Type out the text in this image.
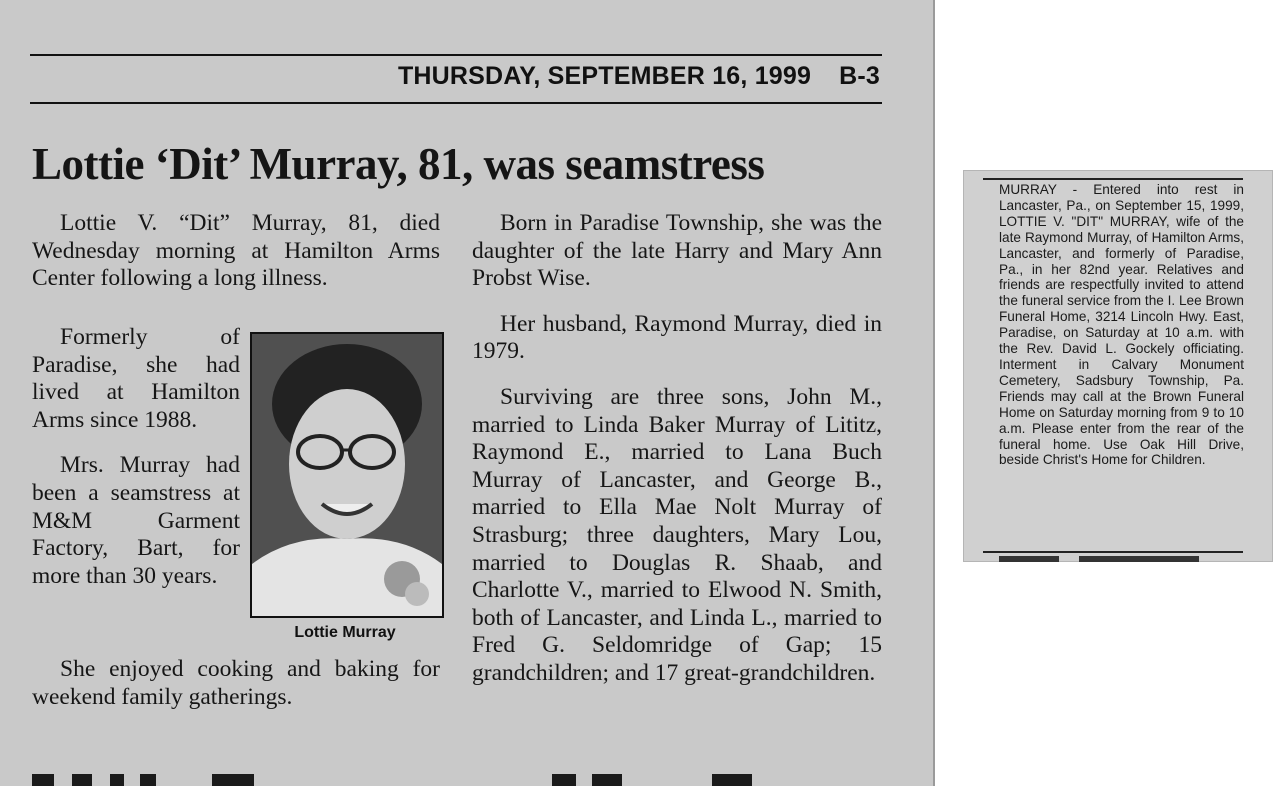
THURSDAY, SEPTEMBER 16, 1999 B-3
Lottie ‘Dit’ Murray, 81, was seamstress

Lottie V. “Dit” Murray, 81, died Wednesday morning at Hamilton Arms Center following a long illness.

Formerly of Paradise, she had lived at Hamilton Arms since 1988.

Mrs. Murray had been a seamstress at M&M Garment Factory, Bart, for more than 30 years.

She enjoyed cooking and baking for weekend family gatherings.

Lottie Murray

Born in Paradise Township, she was the daughter of the late Harry and Mary Ann Probst Wise.

Her husband, Raymond Murray, died in 1979.

Surviving are three sons, John M., married to Linda Baker Murray of Lititz, Raymond E., married to Lana Buch Murray of Lancaster, and George B., married to Ella Mae Nolt Murray of Strasburg; three daughters, Mary Lou, married to Douglas R. Shaab, and Charlotte V., married to Elwood N. Smith, both of Lancaster, and Linda L., married to Fred G. Seldomridge of Gap; 15 grandchildren; and 17 great-grandchildren.

MURRAY - Entered into rest in Lancaster, Pa., on September 15, 1999, LOTTIE V. "DIT" MURRAY, wife of the late Raymond Murray, of Hamilton Arms, Lancaster, and formerly of Paradise, Pa., in her 82nd year. Relatives and friends are respectfully invited to attend the funeral service from the I. Lee Brown Funeral Home, 3214 Lincoln Hwy. East, Paradise, on Saturday at 10 a.m. with the Rev. David L. Gockely officiating. Interment in Calvary Monument Cemetery, Sadsbury Township, Pa. Friends may call at the Brown Funeral Home on Saturday morning from 9 to 10 a.m. Please enter from the rear of the funeral home. Use Oak Hill Drive, beside Christ's Home for Children.
